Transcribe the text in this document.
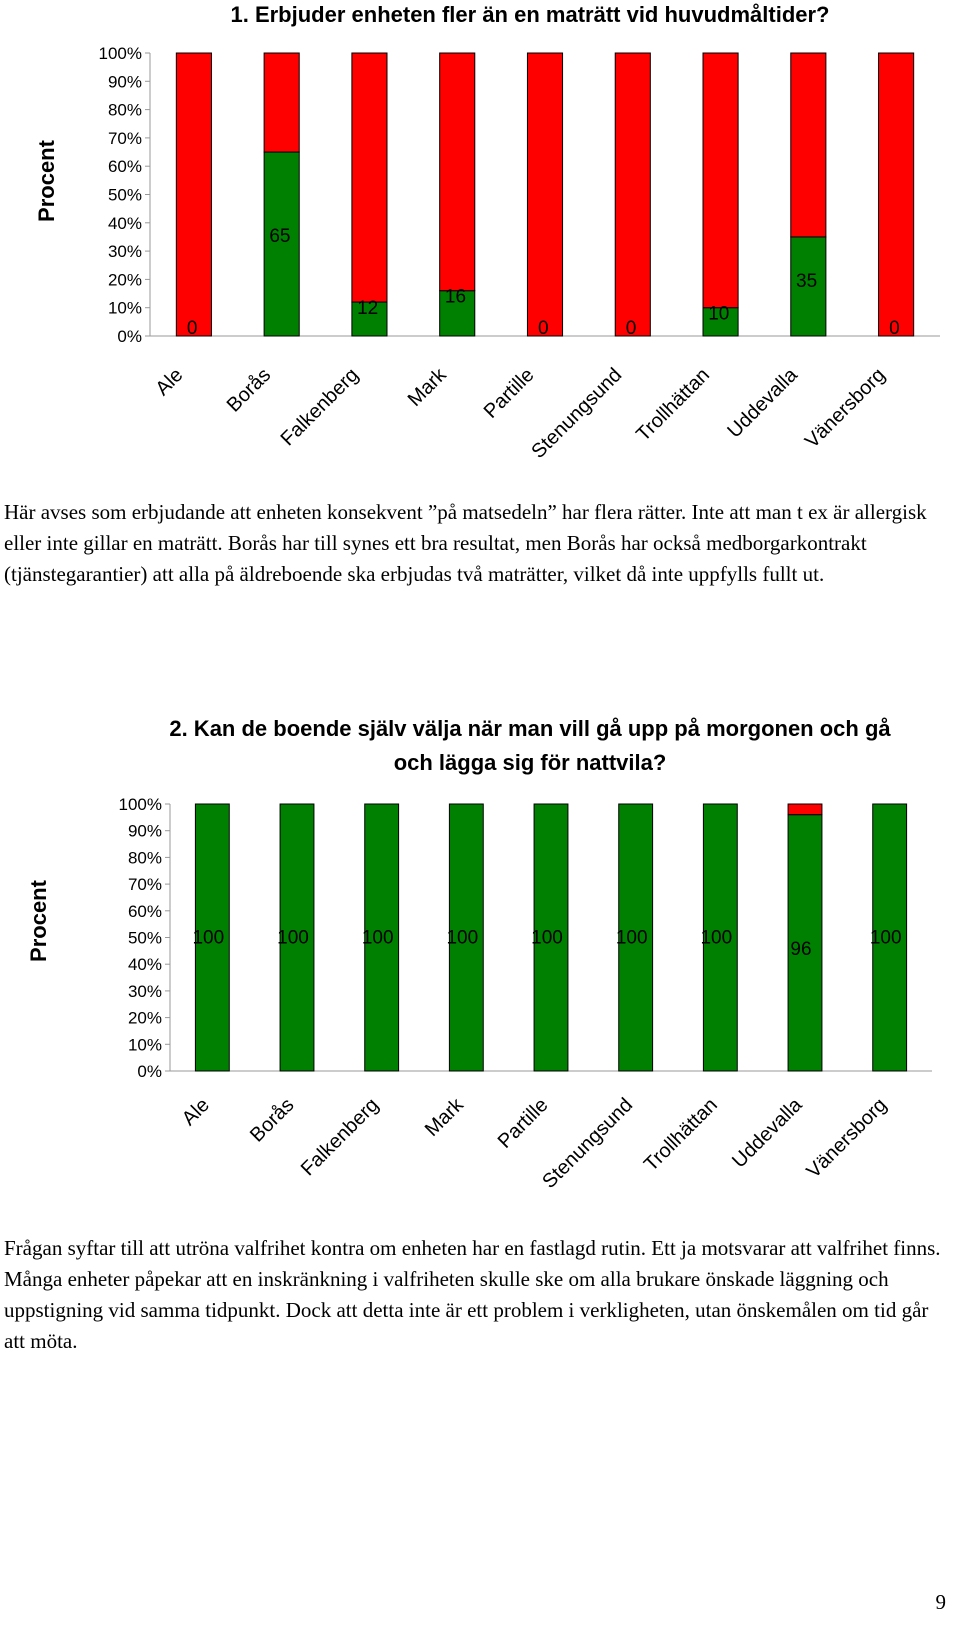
1. Erbjuder enheten fler än en maträtt vid huvudmåltider?
Procent
0%
10%
20%
30%
40%
50%
60%
70%
80%
90%
100%
0
Ale
65
Borås
12
Falkenberg
16
Mark
0
Partille
0
Stenungsund
10
Trollhättan
35
Uddevalla
0
Vänersborg

Här avses som erbjudande att enheten konsekvent ”på matsedeln” har flera rätter. Inte att man t ex är allergisk eller inte gillar en maträtt. Borås har till synes ett bra resultat, men Borås har också medborgarkontrakt (tjänstegarantier) att alla på äldreboende ska erbjudas två maträtter, vilket då inte uppfylls fullt ut.

2. Kan de boende själv välja när man vill gå upp på morgonen och gå och lägga sig för nattvila?
Procent
0%
10%
20%
30%
40%
50%
60%
70%
80%
90%
100%
100
Ale
100
Borås
100
Falkenberg
100
Mark
100
Partille
100
Stenungsund
100
Trollhättan
96
Uddevalla
100
Vänersborg

Frågan syftar till att utröna valfrihet kontra om enheten har en fastlagd rutin. Ett ja motsvarar att valfrihet finns. Många enheter påpekar att en inskränkning i valfriheten skulle ske om alla brukare önskade läggning och uppstigning vid samma tidpunkt. Dock att detta inte är ett problem i verkligheten, utan önskemålen om tid går att möta.

9
